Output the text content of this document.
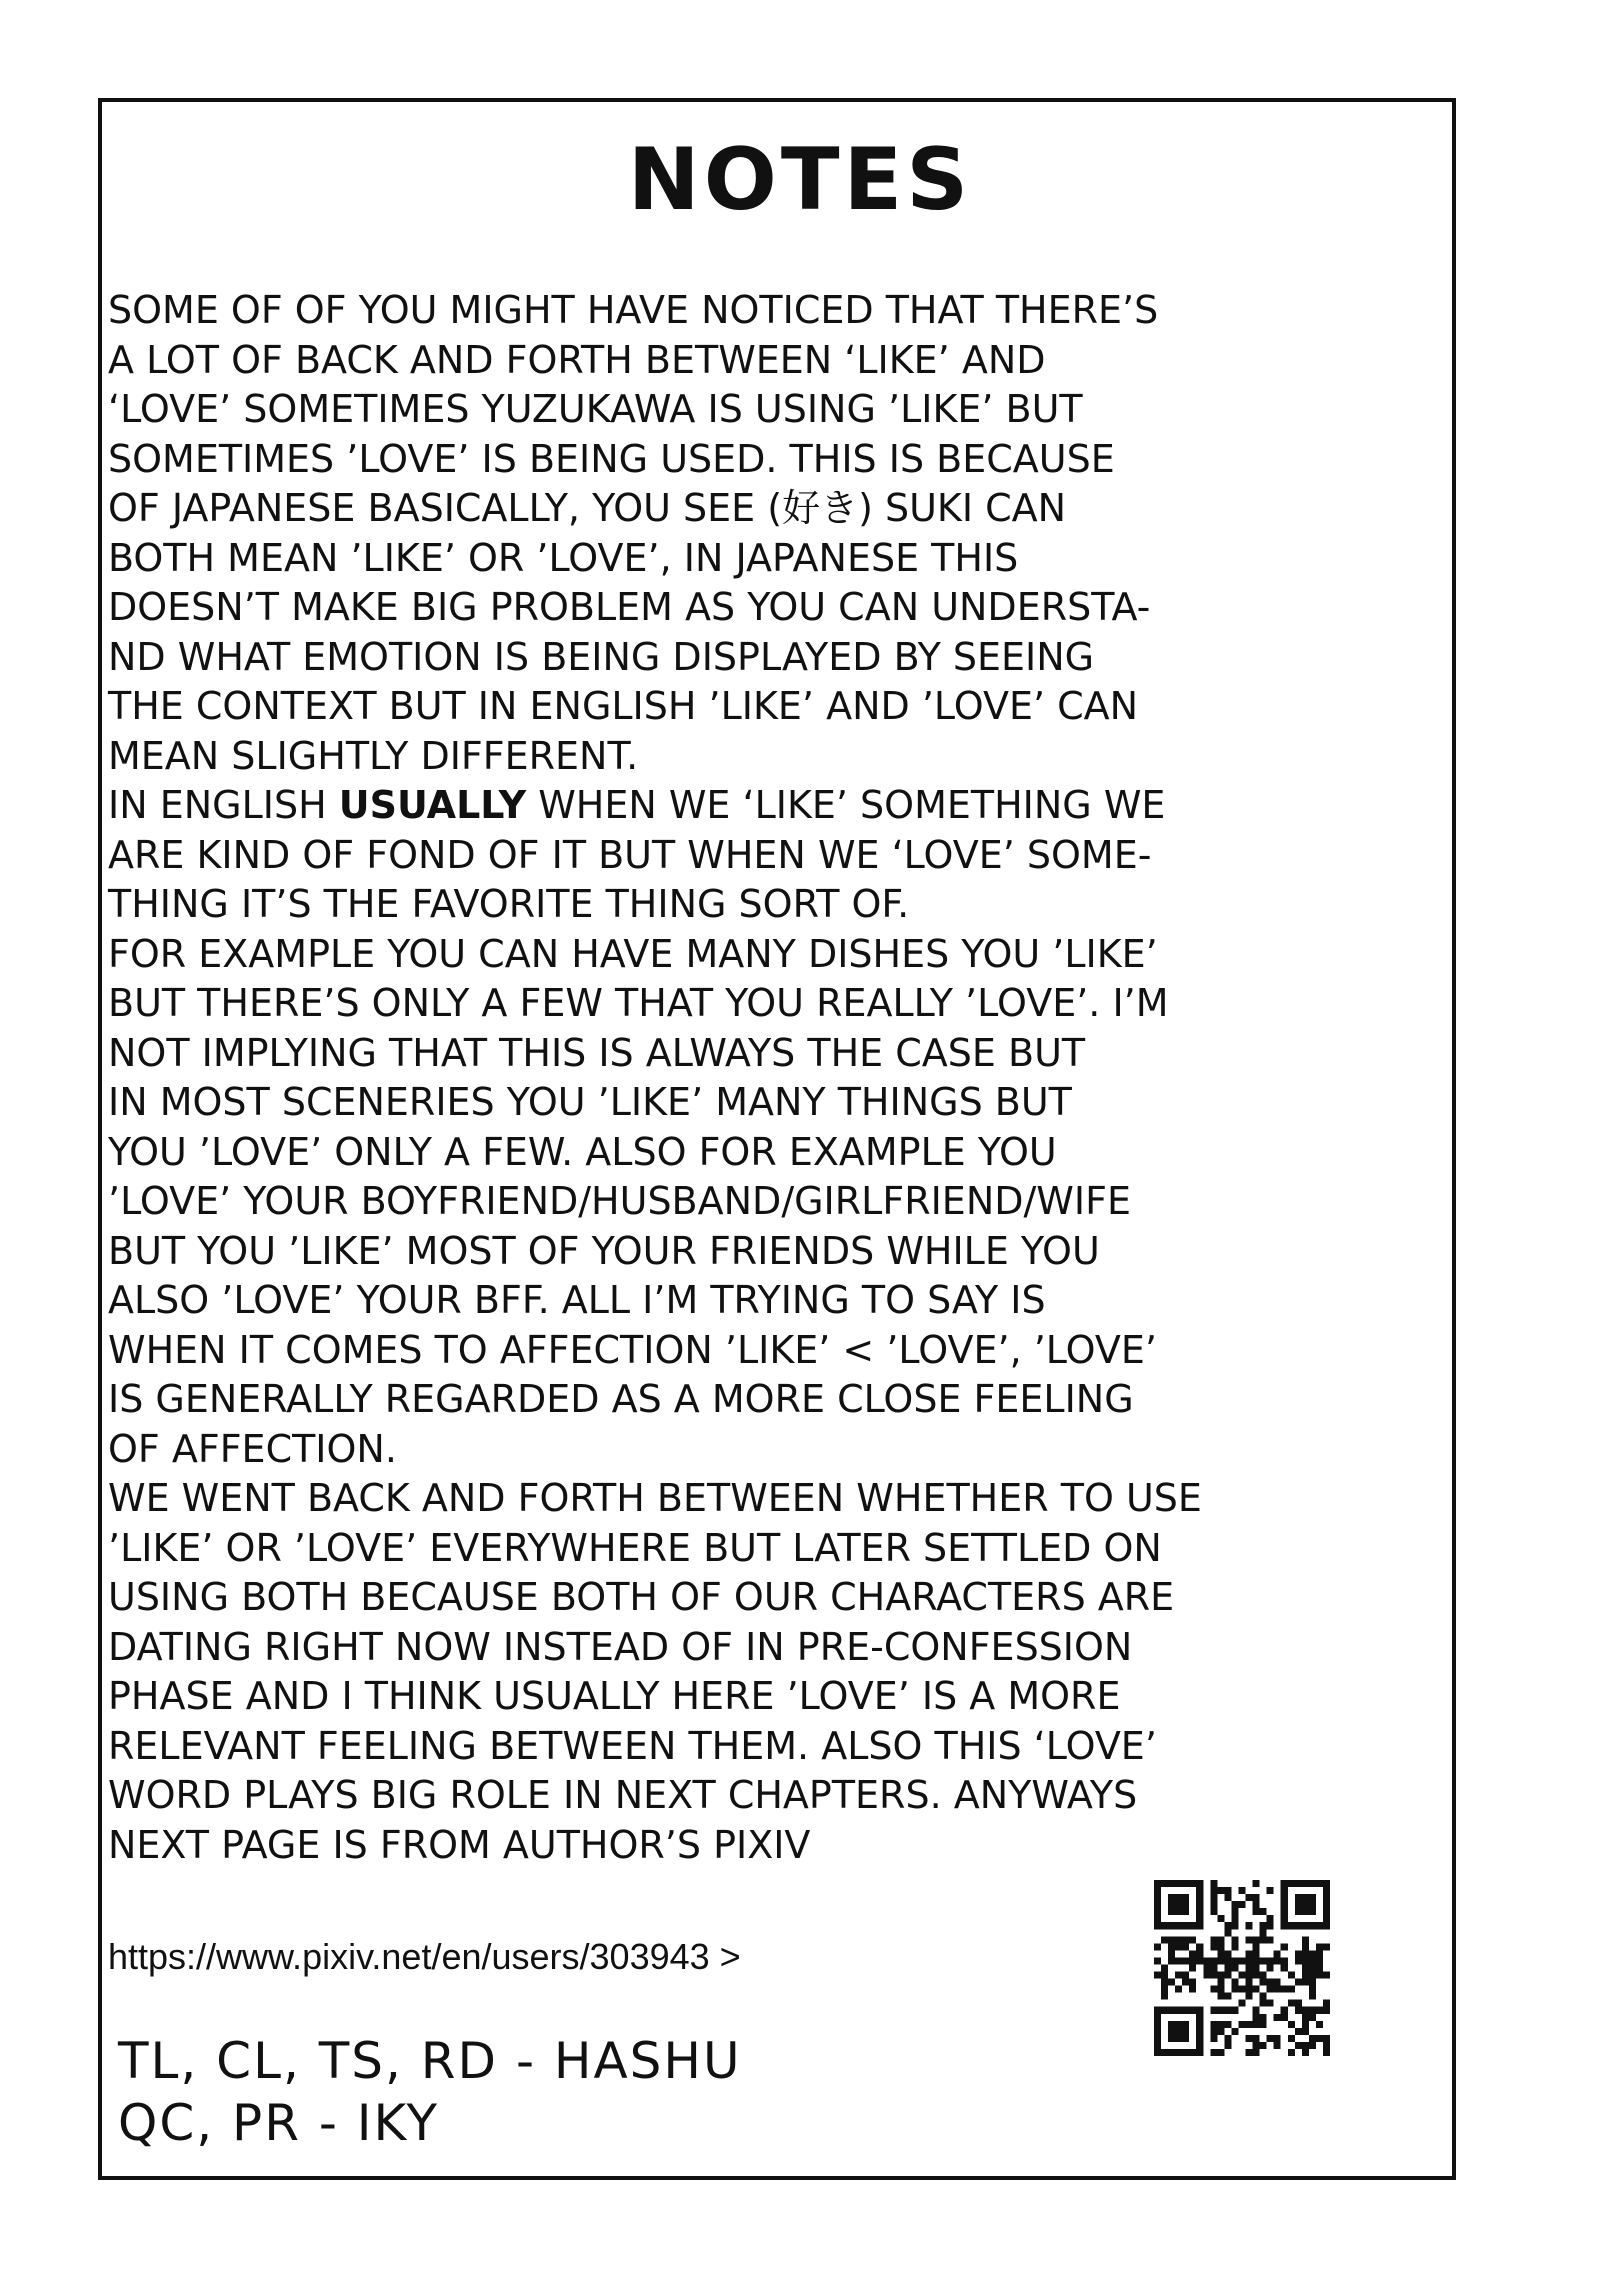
NOTES
SOME OF OF YOU MIGHT HAVE NOTICED THAT THERE’S
A LOT OF BACK AND FORTH BETWEEN ‘LIKE’ AND
‘LOVE’ SOMETIMES YUZUKAWA IS USING ’LIKE’ BUT
SOMETIMES ’LOVE’ IS BEING USED. THIS IS BECAUSE
OF JAPANESE BASICALLY, YOU SEE (好き) SUKI CAN
BOTH MEAN ’LIKE’ OR ’LOVE’, IN JAPANESE THIS
DOESN’T MAKE BIG PROBLEM AS YOU CAN UNDERSTA-
ND WHAT EMOTION IS BEING DISPLAYED BY SEEING
THE CONTEXT BUT IN ENGLISH ’LIKE’ AND ’LOVE’ CAN
MEAN SLIGHTLY DIFFERENT.
IN ENGLISH USUALLY WHEN WE ‘LIKE’ SOMETHING WE
ARE KIND OF FOND OF IT BUT WHEN WE ‘LOVE’ SOME-
THING IT’S THE FAVORITE THING SORT OF.
FOR EXAMPLE YOU CAN HAVE MANY DISHES YOU ’LIKE’
BUT THERE’S ONLY A FEW THAT YOU REALLY ’LOVE’. I’M
NOT IMPLYING THAT THIS IS ALWAYS THE CASE BUT
IN MOST SCENERIES YOU ’LIKE’ MANY THINGS BUT
YOU ’LOVE’ ONLY A FEW. ALSO FOR EXAMPLE YOU
’LOVE’ YOUR BOYFRIEND/HUSBAND/GIRLFRIEND/WIFE
BUT YOU ’LIKE’ MOST OF YOUR FRIENDS WHILE YOU
ALSO ’LOVE’ YOUR BFF. ALL I’M TRYING TO SAY IS
WHEN IT COMES TO AFFECTION ’LIKE’ < ’LOVE’, ’LOVE’
IS GENERALLY REGARDED AS A MORE CLOSE FEELING
OF AFFECTION.
WE WENT BACK AND FORTH BETWEEN WHETHER TO USE
’LIKE’ OR ’LOVE’ EVERYWHERE BUT LATER SETTLED ON
USING BOTH BECAUSE BOTH OF OUR CHARACTERS ARE
DATING RIGHT NOW INSTEAD OF IN PRE-CONFESSION
PHASE AND I THINK USUALLY HERE ’LOVE’ IS A MORE
RELEVANT FEELING BETWEEN THEM. ALSO THIS ‘LOVE’
WORD PLAYS BIG ROLE IN NEXT CHAPTERS. ANYWAYS
NEXT PAGE IS FROM AUTHOR’S PIXIV
https://www.pixiv.net/en/users/303943 >
TL, CL, TS, RD - HASHU
QC, PR - IKY
